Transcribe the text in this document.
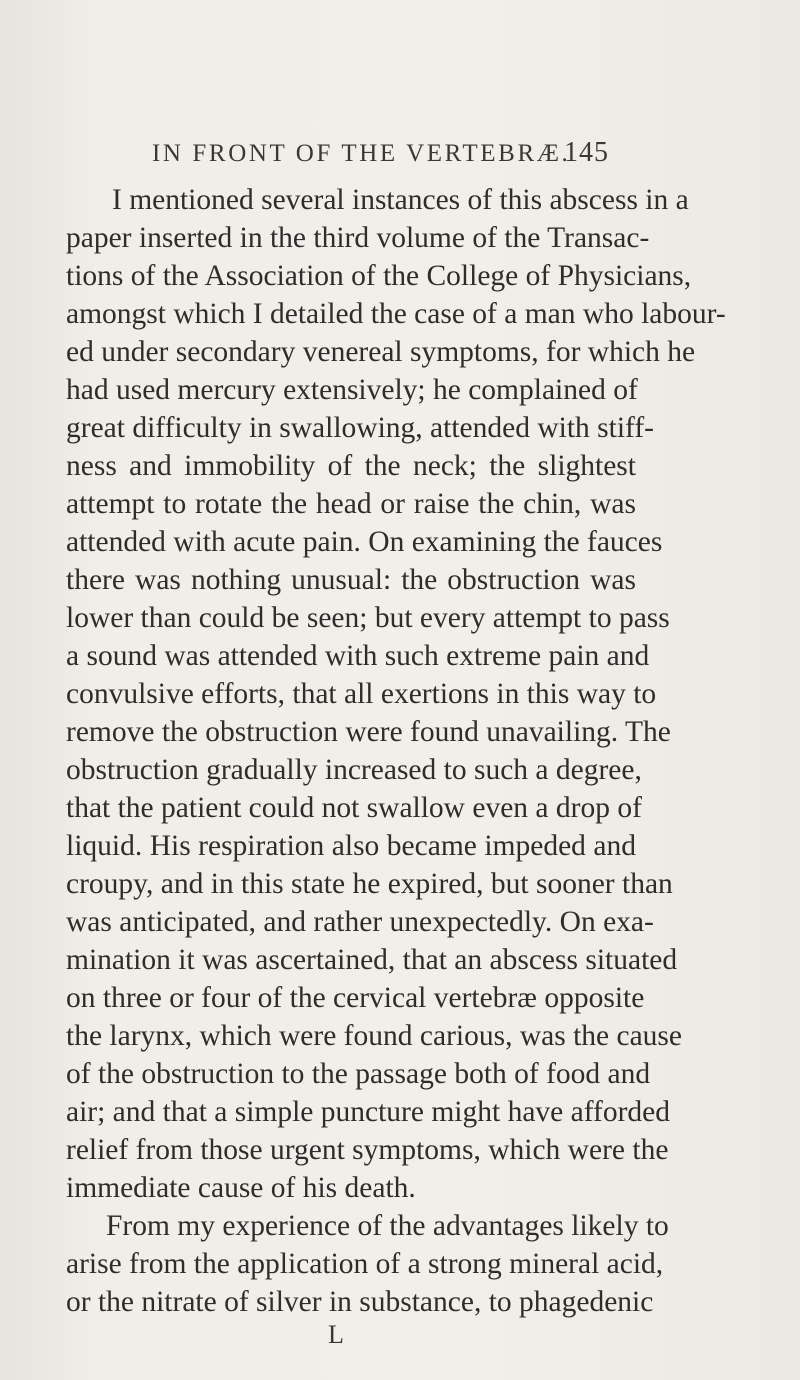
IN FRONT OF THE VERTEBRÆ.
145
I mentioned several instances of this abscess in a
paper inserted in the third volume of the Transac-
tions of the Association of the College of Physicians,
amongst which I detailed the case of a man who labour-
ed under secondary venereal symptoms, for which he
had used mercury extensively; he complained of
great difficulty in swallowing, attended with stiff-
ness and immobility of the neck; the slightest
attempt to rotate the head or raise the chin, was
attended with acute pain. On examining the fauces
there was nothing unusual: the obstruction was
lower than could be seen; but every attempt to pass
a sound was attended with such extreme pain and
convulsive efforts, that all exertions in this way to
remove the obstruction were found unavailing. The
obstruction gradually increased to such a degree,
that the patient could not swallow even a drop of
liquid. His respiration also became impeded and
croupy, and in this state he expired, but sooner than
was anticipated, and rather unexpectedly. On exa-
mination it was ascertained, that an abscess situated
on three or four of the cervical vertebræ opposite
the larynx, which were found carious, was the cause
of the obstruction to the passage both of food and
air; and that a simple puncture might have afforded
relief from those urgent symptoms, which were the
immediate cause of his death.
From my experience of the advantages likely to
arise from the application of a strong mineral acid,
or the nitrate of silver in substance, to phagedenic
L
